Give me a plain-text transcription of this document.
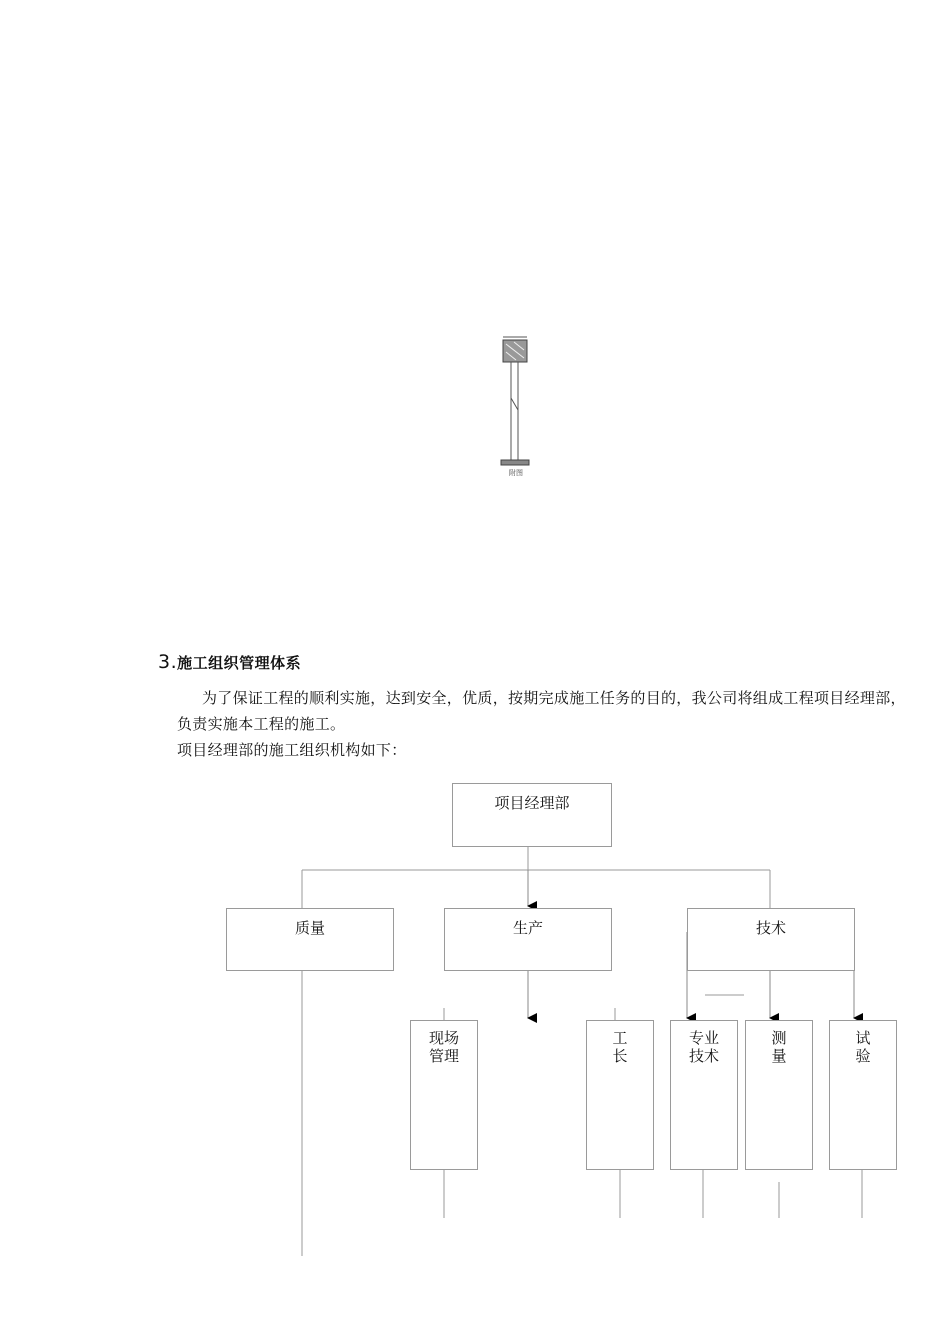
附图
3.施工组织管理体系

为了保证工程的顺利实施，达到安全，优质，按期完成施工任务的目的，我公司将组成工程项目经理部，负责实施本工程的施工。

项目经理部的施工组织机构如下：

项目经理部
质量	生产	技术
现场
管理
工
长
专业
技术
测
量
试
验
